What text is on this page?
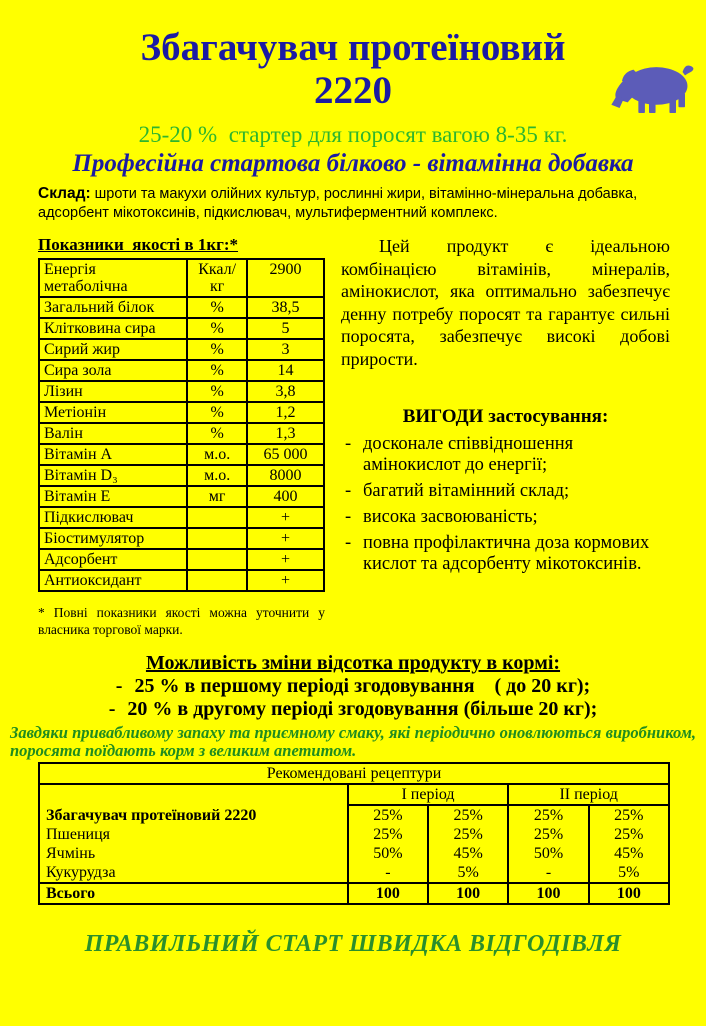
Збагачувач протеїновий
2220
25-20 %  стартер для поросят вагою 8-35 кг.
Професійна стартова білково - вітамінна добавка

Склад: шроти та макухи олійних культур, рослинні жири, вітамінно-мінеральна добавка, адсорбент мікотоксинів, підкислювач, мультиферментний комплекс.

Показники  якості в 1кг:*
Енергія метаболічна	Ккал/кг	2900
Загальний білок	%	38,5
Клітковина сира	%	5
Сирий жир	%	3
Сира зола	%	14
Лізин	%	3,8
Метіонін	%	1,2
Валін	%	1,3
Вітамін А	м.о.	65 000
Вітамін D₃	м.о.	8000
Вітамін Е	мг	400
Підкислювач		+
Біостимулятор		+
Адсорбент		+
Антиоксидант		+

* Повні показники якості можна уточнити у власника торгової марки.

Цей продукт є ідеальною комбінацією вітамінів, мінералів, амінокислот, яка оптимально забезпечує денну потребу поросят та гарантує сильні поросята, забезпечує високі добові прирости.

ВИГОДИ застосування:
- досконале співвідношення амінокислот до енергії;
- багатий вітамінний склад;
- висока засвоюваність;
- повна профілактична доза кормових кислот та адсорбенту мікотоксинів.
Можливість зміни відсотка продукту в кормі:
- 25 % в першому періоді згодовування    ( до 20 кг);
- 20 % в другому періоді згодовування (більше 20 кг);

Завдяки привабливому запаху та приємному смаку, які періодично оновлюються виробником, поросята поїдають корм з великим апетитом.

Рекомендовані рецептури				
	І період		ІІ період	
Збагачувач протеїновий 2220	25%	25%	25%	25%
Пшениця	25%	25%	25%	25%
Ячмінь	50%	45%	50%	45%
Кукурудза	-	5%	-	5%
Всього	100	100	100	100
ПРАВИЛЬНИЙ СТАРТ ШВИДКА ВІДГОДІВЛЯ
